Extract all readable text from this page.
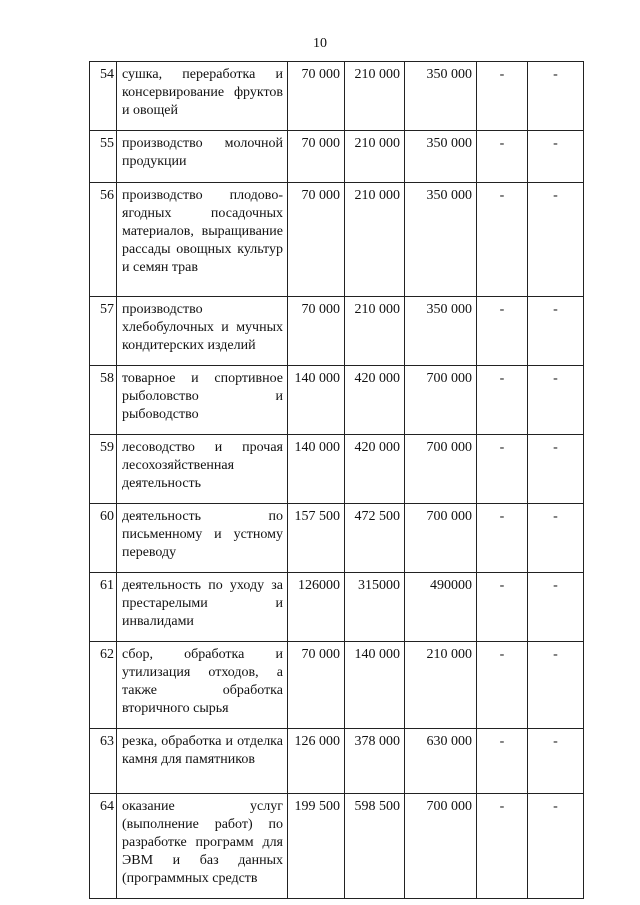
10
54	сушка, переработка и консервирование фруктов и овощей	70 000	210 000	350 000	-	-
55	производство молочной продукции	70 000	210 000	350 000	-	-
56	производство плодово-ягодных посадочных материалов, выращивание рассады овощных культур и семян трав	70 000	210 000	350 000	-	-
57	производство хлебобулочных и мучных кондитерских изделий	70 000	210 000	350 000	-	-
58	товарное и спортивное рыболовство и рыбоводство	140 000	420 000	700 000	-	-
59	лесоводство и прочая лесохозяйственная деятельность	140 000	420 000	700 000	-	-
60	деятельность по письменному и устному переводу	157 500	472 500	700 000	-	-
61	деятельность по уходу за престарелыми и инвалидами	126000	315000	490000	-	-
62	сбор, обработка и утилизация отходов, а также обработка вторичного сырья	70 000	140 000	210 000	-	-
63	резка, обработка и отделка камня для памятников	126 000	378 000	630 000	-	-
64	оказание услуг (выполнение работ) по разработке программ для ЭВМ и баз данных (программных средств	199 500	598 500	700 000	-	-
